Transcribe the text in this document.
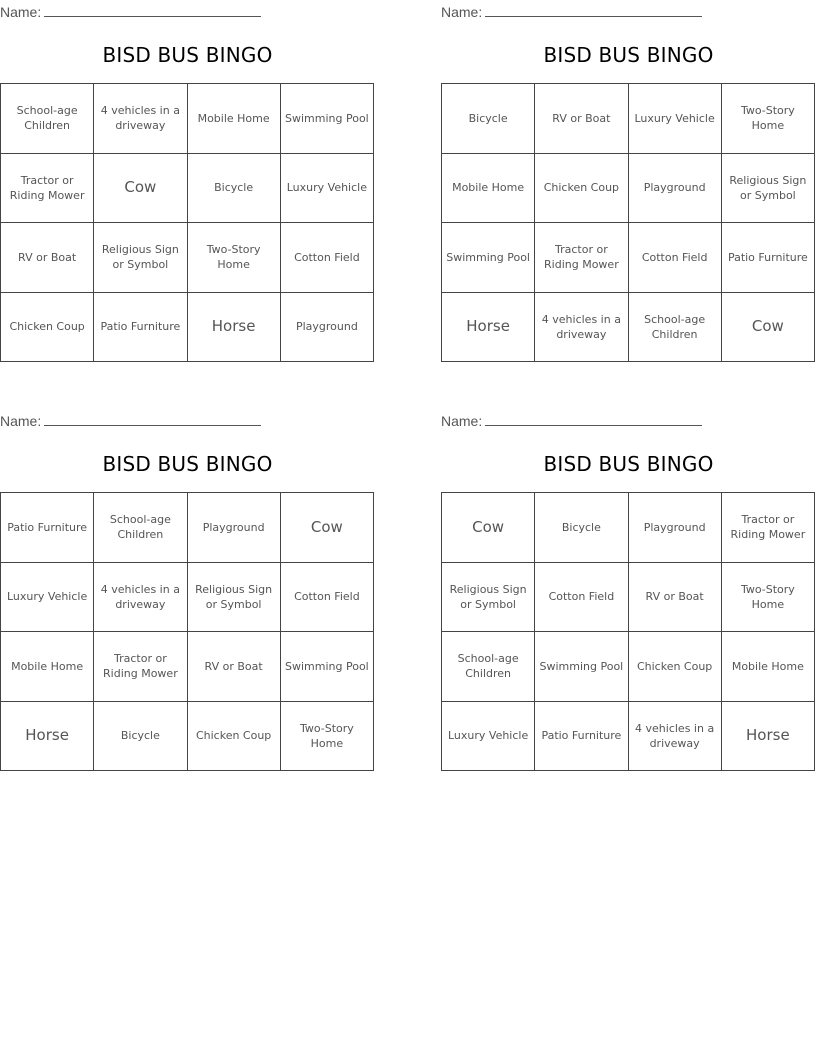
Name:
BISD BUS BINGO
School-age Children	4 vehicles in a driveway	Mobile Home	Swimming Pool
Tractor or Riding Mower	Cow	Bicycle	Luxury Vehicle
RV or Boat	Religious Sign or Symbol	Two-Story Home	Cotton Field
Chicken Coup	Patio Furniture	Horse	Playground
Name:
BISD BUS BINGO
Bicycle	RV or Boat	Luxury Vehicle	Two-Story Home
Mobile Home	Chicken Coup	Playground	Religious Sign or Symbol
Swimming Pool	Tractor or Riding Mower	Cotton Field	Patio Furniture
Horse	4 vehicles in a driveway	School-age Children	Cow
Name:
BISD BUS BINGO
Patio Furniture	School-age Children	Playground	Cow
Luxury Vehicle	4 vehicles in a driveway	Religious Sign or Symbol	Cotton Field
Mobile Home	Tractor or Riding Mower	RV or Boat	Swimming Pool
Horse	Bicycle	Chicken Coup	Two-Story Home
Name:
BISD BUS BINGO
Cow	Bicycle	Playground	Tractor or Riding Mower
Religious Sign or Symbol	Cotton Field	RV or Boat	Two-Story Home
School-age Children	Swimming Pool	Chicken Coup	Mobile Home
Luxury Vehicle	Patio Furniture	4 vehicles in a driveway	Horse
